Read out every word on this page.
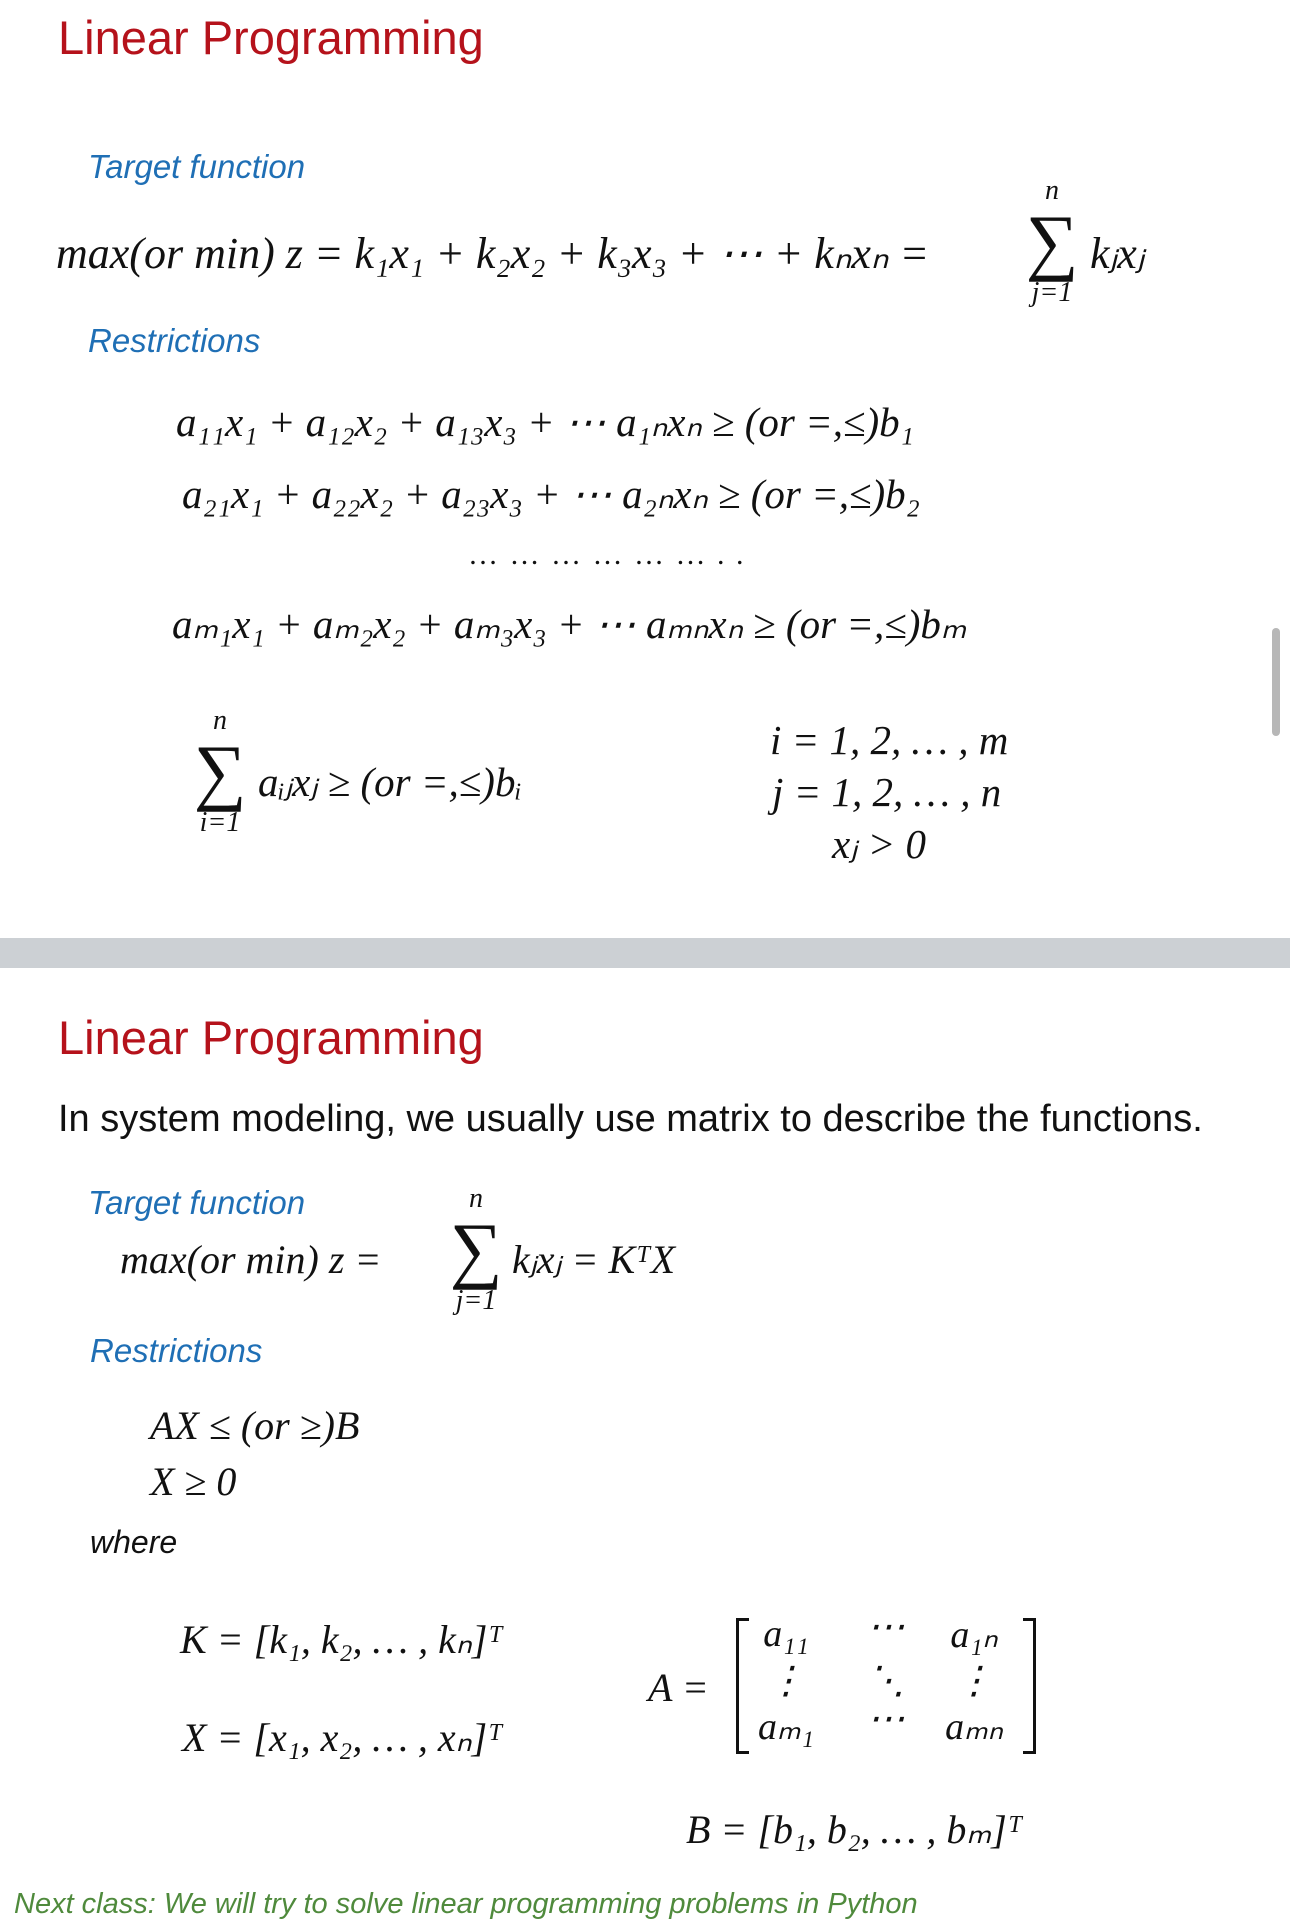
Linear Programming
Target function
max(or min) z = k₁x₁ + k₂x₂ + k₃x₃ + ⋯ + kₙxₙ =
n
∑
j=1
kⱼxⱼ
Restrictions
a₁₁x₁ + a₁₂x₂ + a₁₃x₃ + ⋯ a₁ₙxₙ ≥ (or =,≤)b₁
a₂₁x₁ + a₂₂x₂ + a₂₃x₃ + ⋯ a₂ₙxₙ ≥ (or =,≤)b₂
… … … … … … . .
aₘ₁x₁ + aₘ₂x₂ + aₘ₃x₃ + ⋯ aₘₙxₙ ≥ (or =,≤)bₘ
n
∑
i=1
aᵢⱼxⱼ ≥ (or =,≤)bᵢ
i = 1, 2, … , m
j = 1, 2, … , n
xⱼ > 0
Linear Programming
In system modeling, we usually use matrix to describe the functions.
Target function
max(or min) z =
n
∑
j=1
kⱼxⱼ = KᵀX
Restrictions
AX ≤ (or ≥)B
X ≥ 0
where
K = [k₁, k₂, … , kₙ]ᵀ
X = [x₁, x₂, … , xₙ]ᵀ
A =
a₁₁	⋯	a₁ₙ
⋮	⋱	⋮
aₘ₁	⋯	aₘₙ
B = [b₁, b₂, … , bₘ]ᵀ
Next class: We will try to solve linear programming problems in Python
